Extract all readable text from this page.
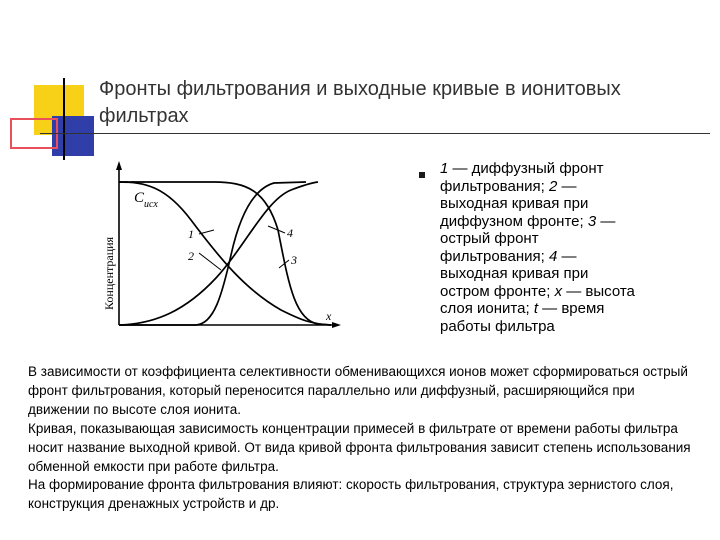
Фронты фильтрования и выходные кривые в ионитовых фильтрах
$C_{исх}$
1
2
4
3
x
Концентрация
1 — диффузный фронт фильтрования; 2 — выходная кривая при диффузном фронте; 3 — острый фронт фильтрования; 4 — выходная кривая при остром фронте; x — высота слоя ионита; t — время работы фильтра

В зависимости от коэффициента селективности обменивающихся ионов может сформироваться острый фронт фильтрования, который переносится параллельно или диффузный, расширяющийся при движении по высоте слоя ионита.

Кривая, показывающая зависимость концентрации примесей в фильтрате от времени работы фильтра носит название выходной кривой. От вида кривой фронта фильтрования зависит степень использования обменной емкости при работе фильтра.

На формирование фронта фильтрования влияют: скорость фильтрования, структура зернистого слоя, конструкция дренажных устройств и др.
